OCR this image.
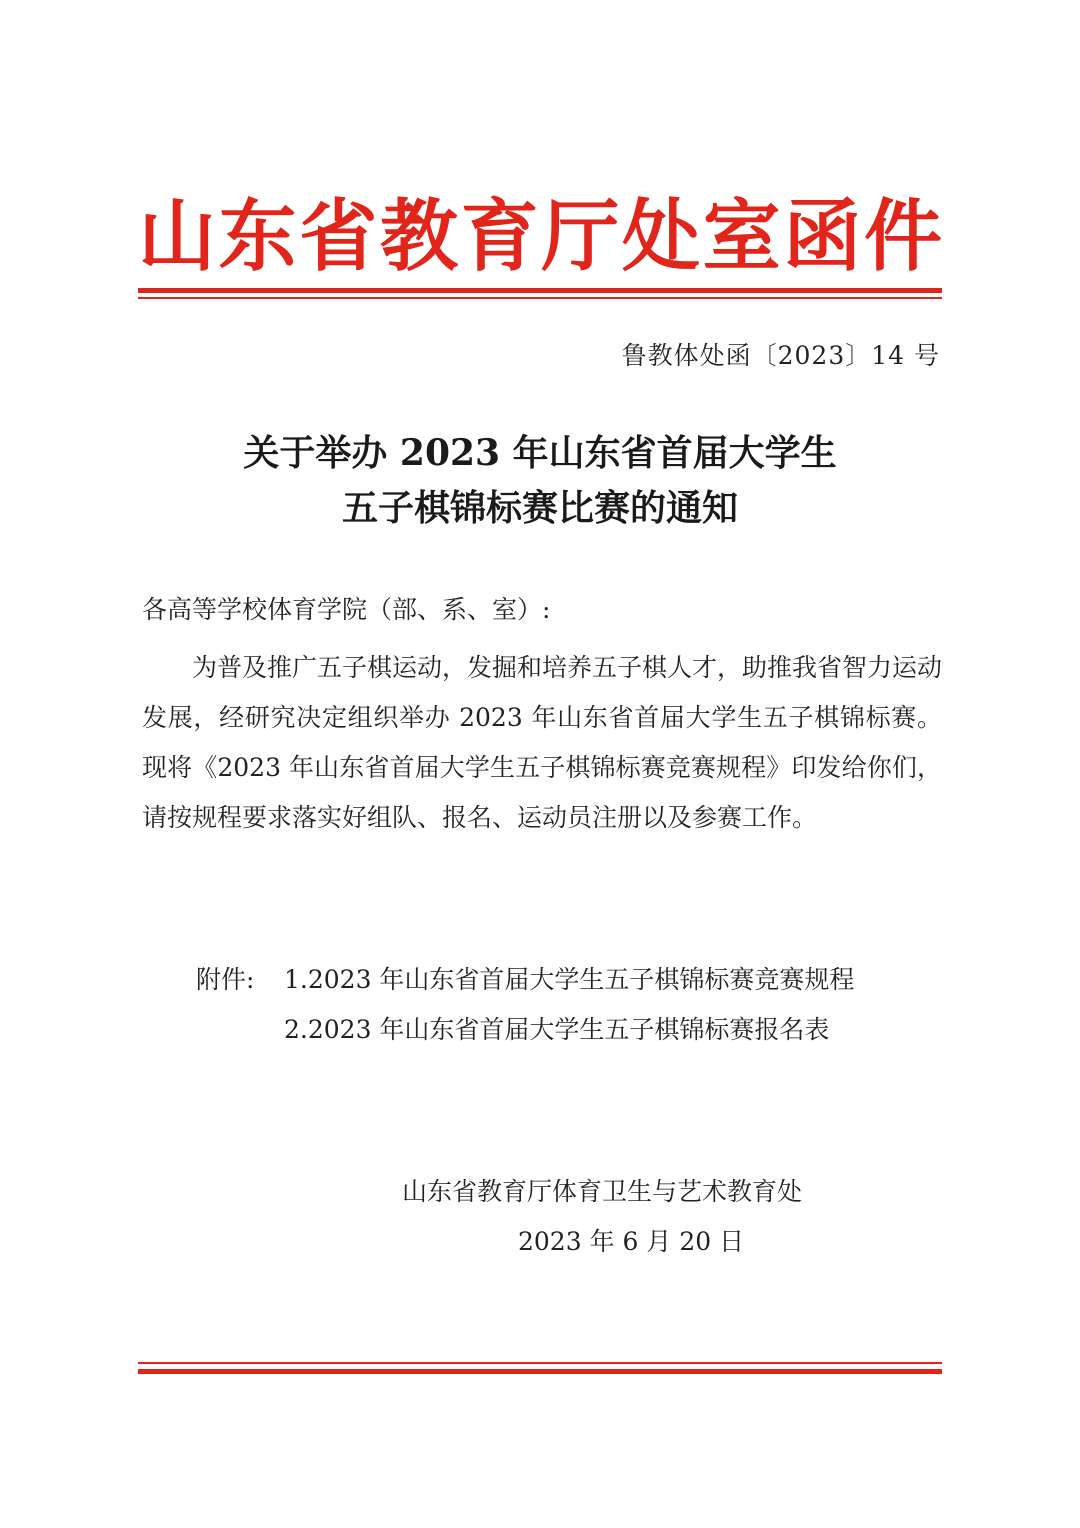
山东省教育厅处室函件
鲁教体处函〔2023〕14 号
关于举办 2023 年山东省首届大学生
五子棋锦标赛比赛的通知
各高等学校体育学院（部、系、室）:

为普及推广五子棋运动，发掘和培养五子棋人才，助推我省智力运动发展，经研究决定组织举办 2023 年山东省首届大学生五子棋锦标赛。现将《2023 年山东省首届大学生五子棋锦标赛竞赛规程》印发给你们，请按规程要求落实好组队、报名、运动员注册以及参赛工作。

附件: 1.2023 年山东省首届大学生五子棋锦标赛竞赛规程
2.2023 年山东省首届大学生五子棋锦标赛报名表
山东省教育厅体育卫生与艺术教育处
2023 年 6 月 20 日
